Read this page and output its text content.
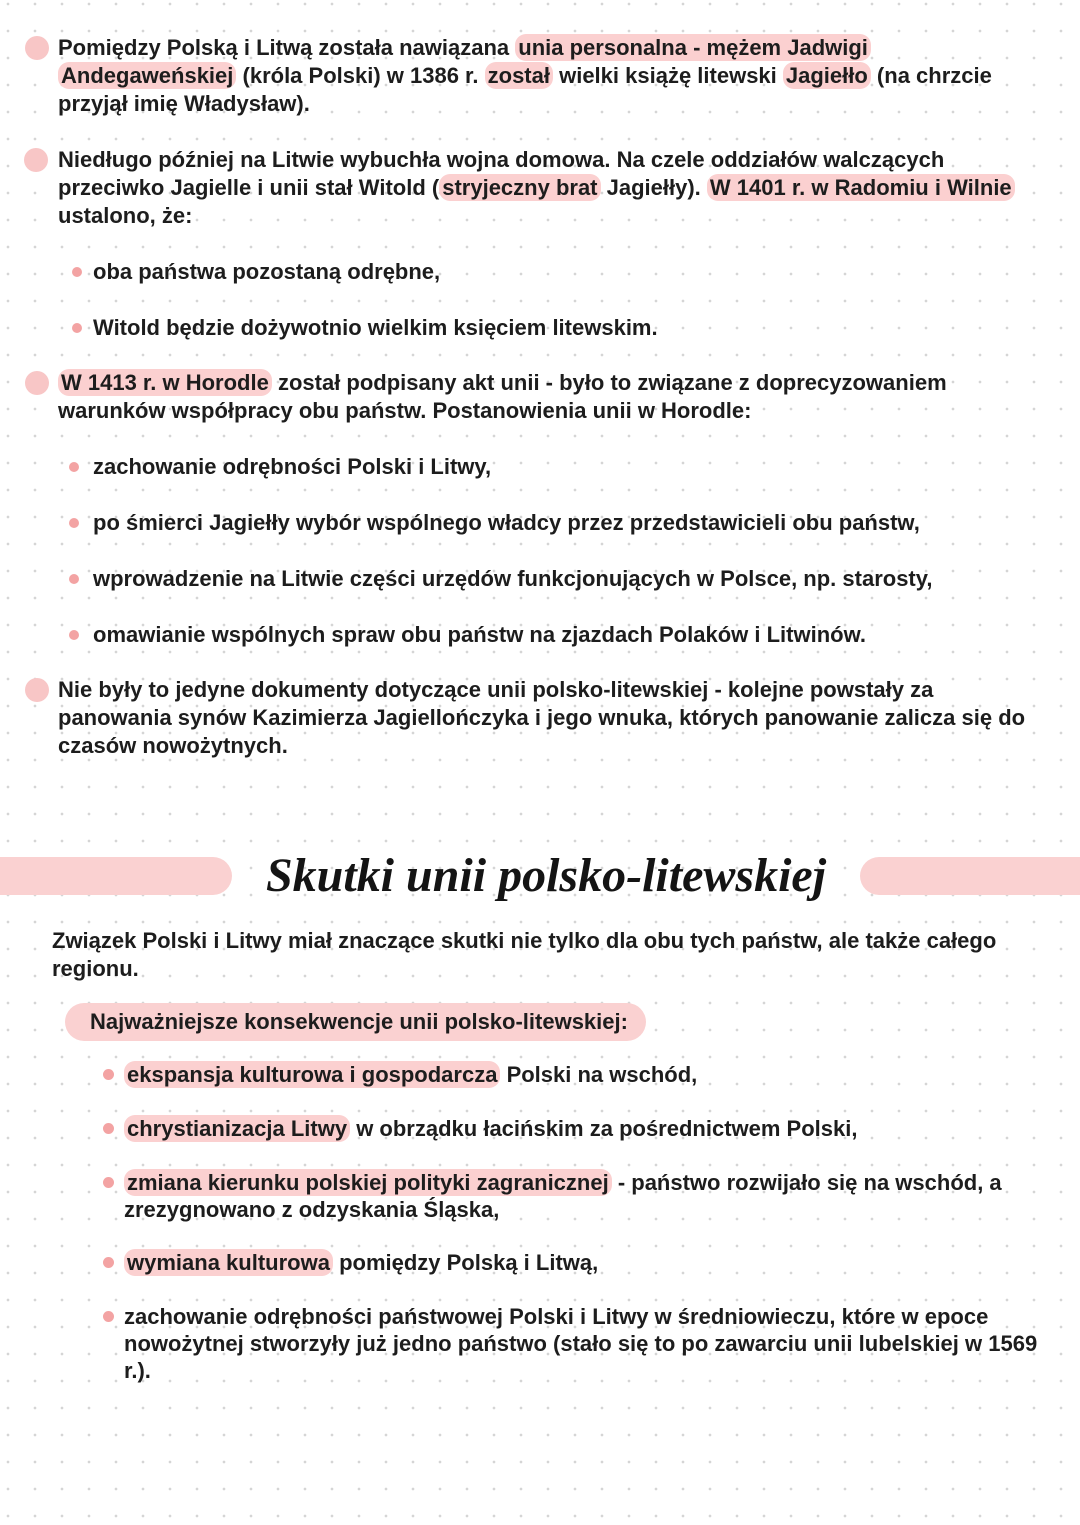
Pomiędzy Polską i Litwą została nawiązana unia personalna - mężem Jadwigi
Andegaweńskiej (króla Polski) w 1386 r. został wielki książę litewski Jagiełło (na chrzcie
przyjął imię Władysław).
Niedługo później na Litwie wybuchła wojna domowa. Na czele oddziałów walczących
przeciwko Jagielle i unii stał Witold ( stryjeczny brat Jagiełły). W 1401 r. w Radomiu i Wilnie
ustalono, że:
oba państwa pozostaną odrębne,
Witold będzie dożywotnio wielkim księciem litewskim.
W 1413 r. w Horodle został podpisany akt unii - było to związane z doprecyzowaniem
warunków współpracy obu państw. Postanowienia unii w Horodle:
zachowanie odrębności Polski i Litwy,
po śmierci Jagiełły wybór wspólnego władcy przez przedstawicieli obu państw,
wprowadzenie na Litwie części urzędów funkcjonujących w Polsce, np. starosty,
omawianie wspólnych spraw obu państw na zjazdach Polaków i Litwinów.
Nie były to jedyne dokumenty dotyczące unii polsko-litewskiej - kolejne powstały za
panowania synów Kazimierza Jagiellończyka i jego wnuka, których panowanie zalicza się do
czasów nowożytnych.
Skutki unii polsko-litewskiej
Związek Polski i Litwy miał znaczące skutki nie tylko dla obu tych państw, ale także całego
regionu.
Najważniejsze konsekwencje unii polsko-litewskiej:
ekspansja kulturowa i gospodarcza Polski na wschód,
chrystianizacja Litwy w obrządku łacińskim za pośrednictwem Polski,
zmiana kierunku polskiej polityki zagranicznej - państwo rozwijało się na wschód, a
zrezygnowano z odzyskania Śląska,
wymiana kulturowa pomiędzy Polską i Litwą,
zachowanie odrębności państwowej Polski i Litwy w średniowieczu, które w epoce
nowożytnej stworzyły już jedno państwo (stało się to po zawarciu unii lubelskiej w 1569
r.).
